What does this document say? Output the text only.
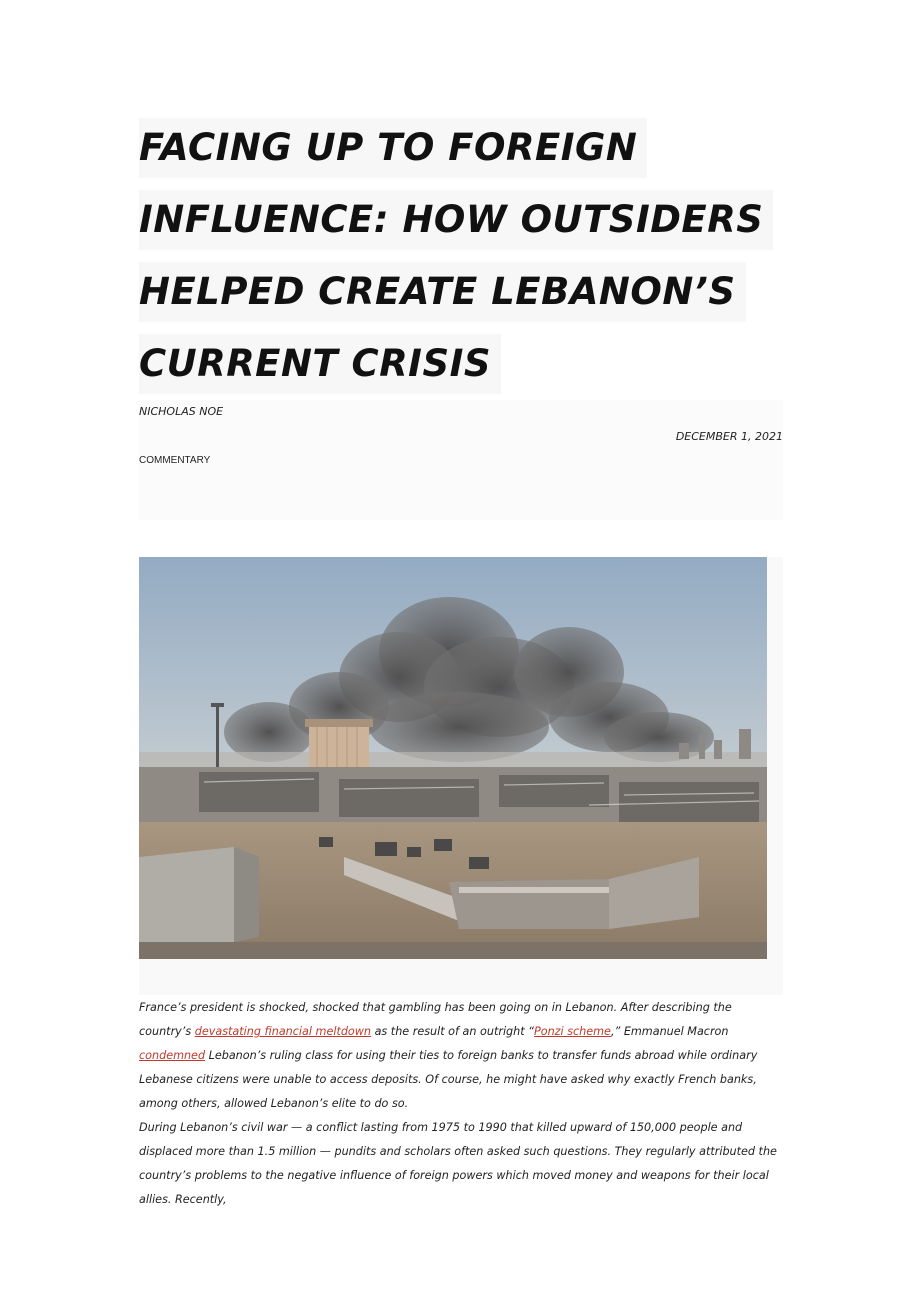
FACING UP TO FOREIGN
INFLUENCE: HOW OUTSIDERS
HELPED CREATE LEBANON’S
CURRENT CRISIS
NICHOLAS NOE
DECEMBER 1, 2021
COMMENTARY

France’s president is shocked, shocked that gambling has been going on in Lebanon. After describing the country’s devastating financial meltdown as the result of an outright “Ponzi scheme,” Emmanuel Macron condemned Lebanon’s ruling class for using their ties to foreign banks to transfer funds abroad while ordinary Lebanese citizens were unable to access deposits. Of course, he might have asked why exactly French banks, among others, allowed Lebanon’s elite to do so.

During Lebanon’s civil war — a conflict lasting from 1975 to 1990 that killed upward of 150,000 people and displaced more than 1.5 million — pundits and scholars often asked such questions. They regularly attributed the country’s problems to the negative influence of foreign powers which moved money and weapons for their local allies. Recently,
